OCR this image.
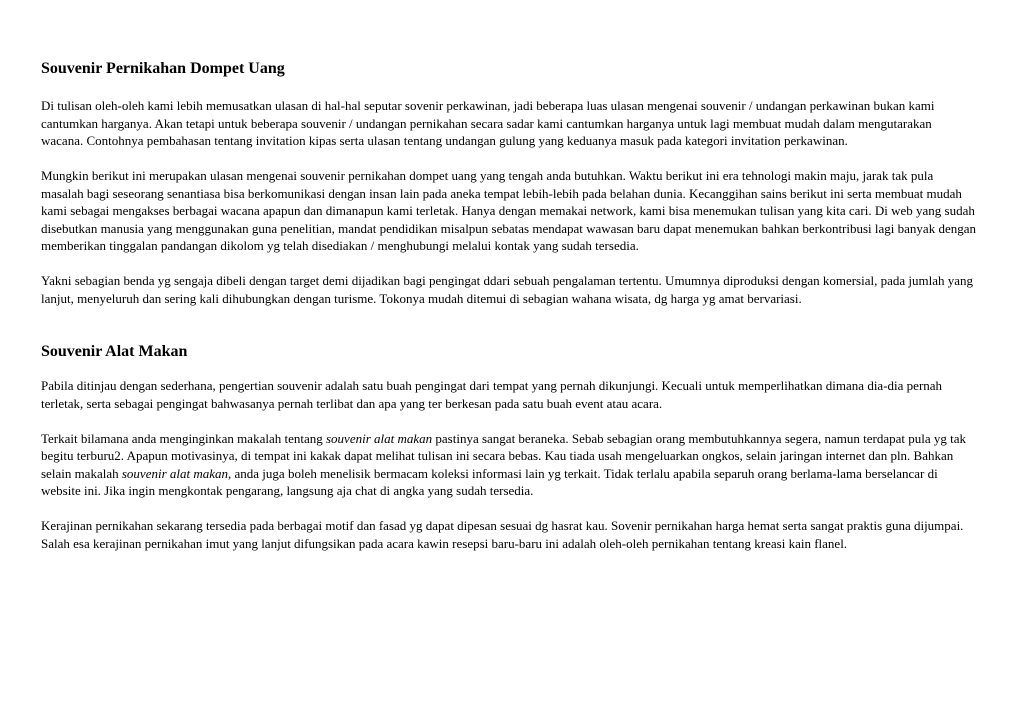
Souvenir Pernikahan Dompet Uang

Di tulisan oleh-oleh kami lebih memusatkan ulasan di hal-hal seputar sovenir perkawinan, jadi beberapa luas ulasan mengenai souvenir / undangan perkawinan bukan kami cantumkan harganya. Akan tetapi untuk beberapa souvenir / undangan pernikahan secara sadar kami cantumkan harganya untuk lagi membuat mudah dalam mengutarakan wacana. Contohnya pembahasan tentang invitation kipas serta ulasan tentang undangan gulung yang keduanya masuk pada kategori invitation perkawinan.

Mungkin berikut ini merupakan ulasan mengenai souvenir pernikahan dompet uang yang tengah anda butuhkan. Waktu berikut ini era tehnologi makin maju, jarak tak pula masalah bagi seseorang senantiasa bisa berkomunikasi dengan insan lain pada aneka tempat lebih-lebih pada belahan dunia. Kecanggihan sains berikut ini serta membuat mudah kami sebagai mengakses berbagai wacana apapun dan dimanapun kami terletak. Hanya dengan memakai network, kami bisa menemukan tulisan yang kita cari. Di web yang sudah disebutkan manusia yang menggunakan guna penelitian, mandat pendidikan misalpun sebatas mendapat wawasan baru dapat menemukan bahkan berkontribusi lagi banyak dengan memberikan tinggalan pandangan dikolom yg telah disediakan / menghubungi melalui kontak yang sudah tersedia.

Yakni sebagian benda yg sengaja dibeli dengan target demi dijadikan bagi pengingat ddari sebuah pengalaman tertentu. Umumnya diproduksi dengan komersial, pada jumlah yang lanjut, menyeluruh dan sering kali dihubungkan dengan turisme. Tokonya mudah ditemui di sebagian wahana wisata, dg harga yg amat bervariasi.

Souvenir Alat Makan

Pabila ditinjau dengan sederhana, pengertian souvenir adalah satu buah pengingat dari tempat yang pernah dikunjungi. Kecuali untuk memperlihatkan dimana dia-dia pernah terletak, serta sebagai pengingat bahwasanya pernah terlibat dan apa yang ter berkesan pada satu buah event atau acara.

Terkait bilamana anda menginginkan makalah tentang souvenir alat makan pastinya sangat beraneka. Sebab sebagian orang membutuhkannya segera, namun terdapat pula yg tak begitu terburu2. Apapun motivasinya, di tempat ini kakak dapat melihat tulisan ini secara bebas. Kau tiada usah mengeluarkan ongkos, selain jaringan internet dan pln. Bahkan selain makalah souvenir alat makan, anda juga boleh menelisik bermacam koleksi informasi lain yg terkait. Tidak terlalu apabila separuh orang berlama-lama berselancar di website ini. Jika ingin mengkontak pengarang, langsung aja chat di angka yang sudah tersedia.

Kerajinan pernikahan sekarang tersedia pada berbagai motif dan fasad yg dapat dipesan sesuai dg hasrat kau. Sovenir pernikahan harga hemat serta sangat praktis guna dijumpai. Salah esa kerajinan pernikahan imut yang lanjut difungsikan pada acara kawin resepsi baru-baru ini adalah oleh-oleh pernikahan tentang kreasi kain flanel.
